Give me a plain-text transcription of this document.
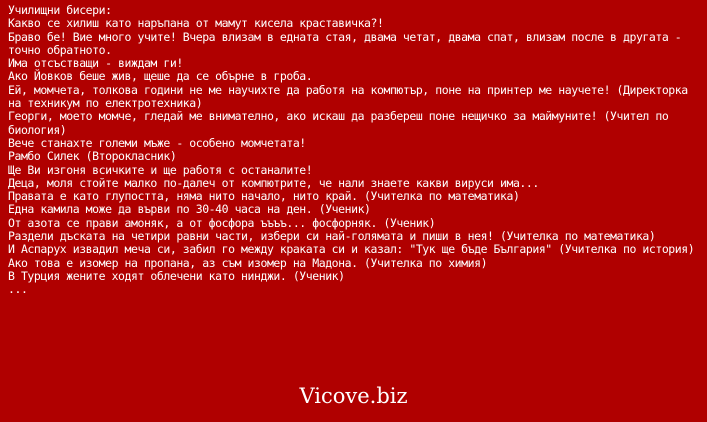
Училищни бисери:
Какво се хилиш като наръпана от мамут кисела краставичка?!
Браво бе! Вие много учите! Вчера влизам в едната стая, двама четат, двама спат, влизам после в другата - точно обратното.
Има отсъстващи - виждам ги!
Ако Йовков беше жив, щеше да се обърне в гроба.
Ей, момчета, толкова години не ме научихте да работя на компютър, поне на принтер ме научете! (Директорка на техникум по електротехника)
Георги, моето момче, гледай ме внимателно, ако искаш да разбереш поне нещичко за маймуните! (Учител по биология)
Вече станахте големи мъже - особено момчетата!
Рамбо Силек (Второкласник)
Ще Ви изгоня всичките и ще работя с останалите!
Деца, моля стойте малко по-далеч от компютрите, че нали знаете какви вируси има...
Правата е като глупостта, няма нито начало, нито край. (Учителка по математика)
Една камила може да върви по 30-40 часа на ден. (Ученик)
От азота се прави амоняк, а от фосфора ъъъъ... фосфорняк. (Ученик)
Раздели дъската на четири равни части, избери си най-голямата и пиши в нея! (Учителка по математика)
И Аспарух извадил меча си, забил го между краката си и казал: "Тук ще бъде България" (Учителка по история)
Ако това е изомер на пропана, аз съм изомер на Мадона. (Учителка по химия)
В Турция жените ходят облечени като нинджи. (Ученик)
...
Vicove.biz
